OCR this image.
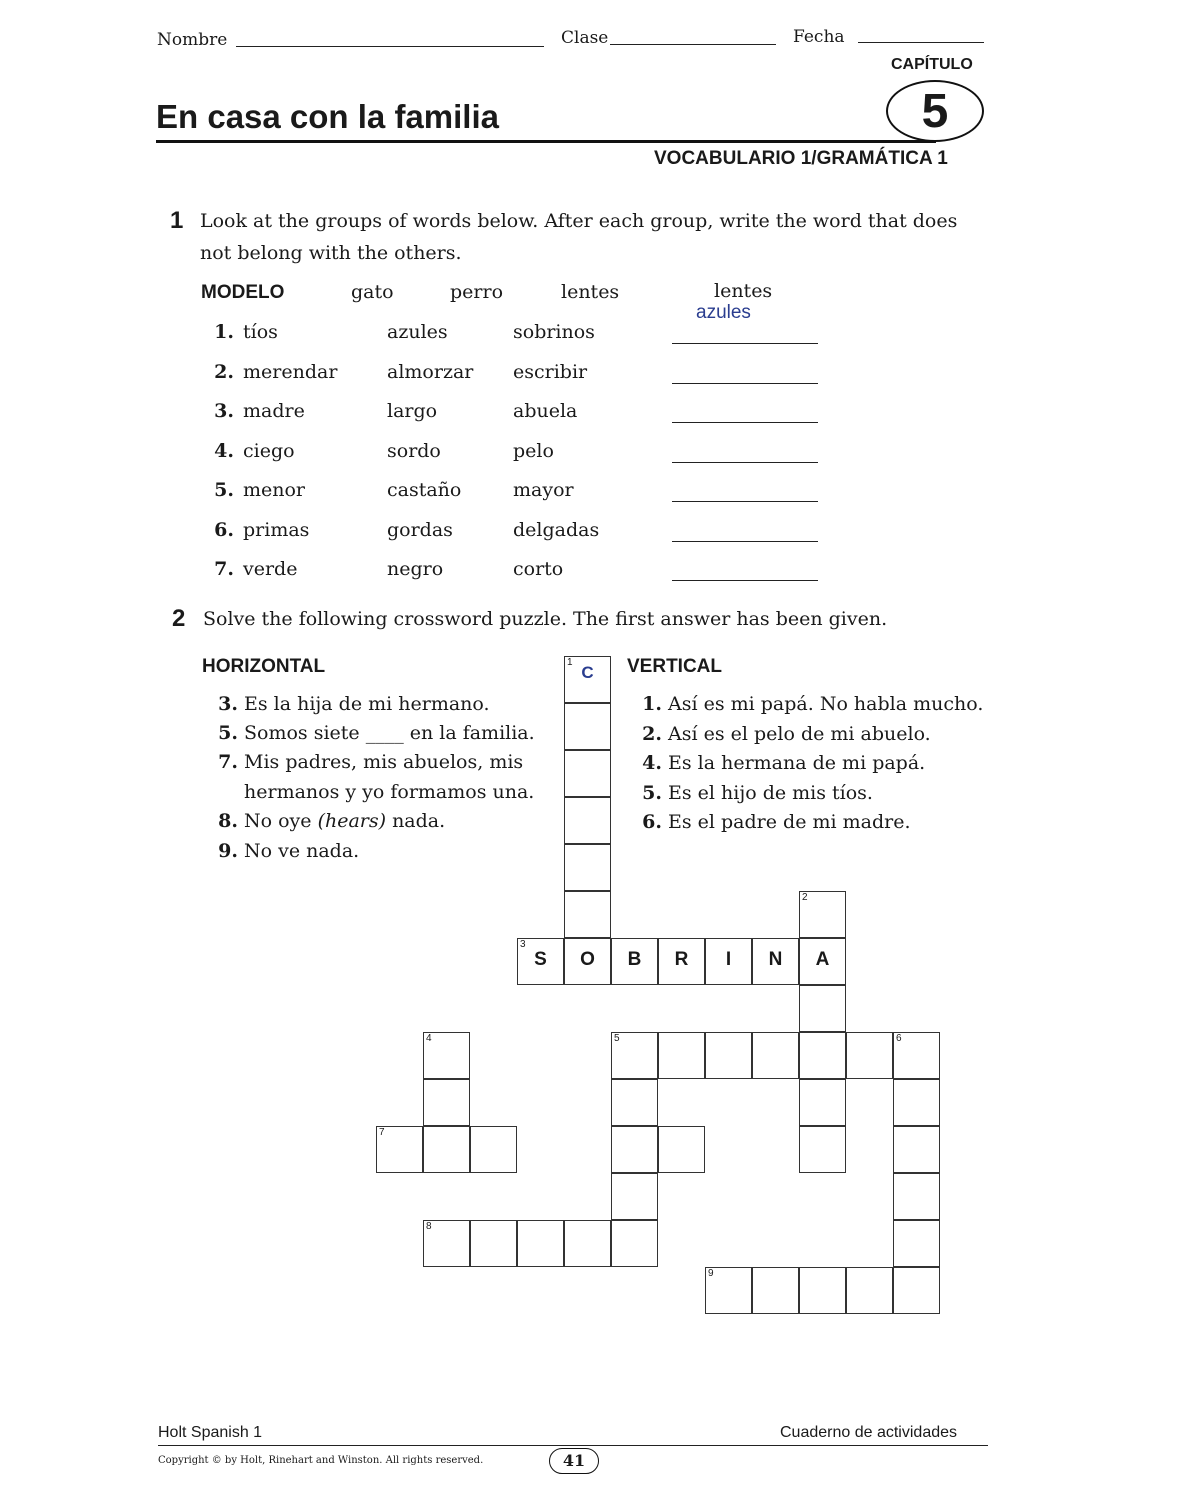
Nombre	Clase	Fecha
CAPÍTULO
5
En casa con la familia
VOCABULARIO 1/GRAMÁTICA 1
1 Look at the groups of words below. After each group, write the word that does
not belong with the others.
MODELO	gato	perro	lentes	lentes
1. tíos	azules	sobrinos
azules
2. merendar	almorzar escribir
3. madre	largo	abuela
4. ciego	sordo	pelo
5. menor	castaño	mayor
6. primas	gordas	delgadas
7. verde	negro	corto
2 Solve the following crossword puzzle. The first answer has been given.
HORIZONTAL	VERTICAL
3. Es la hija de mi hermano.
5. Somos siete ____ en la familia.
7. Mis padres, mis abuelos, mis
hermanos y yo formamos una.
8. No oye (hears) nada.
9. No ve nada.
1. Así es mi papá. No habla mucho.
2. Así es el pelo de mi abuelo.
4. Es la hermana de mi papá.
5. Es el hijo de mis tíos.
6. Es el padre de mi madre.
1
C
3
S	O	B	R	I	N	A
2
5	6
4
7
8
9
Holt Spanish 1	Cuaderno de actividades
Copyright © by Holt, Rinehart and Winston. All rights reserved.	41
